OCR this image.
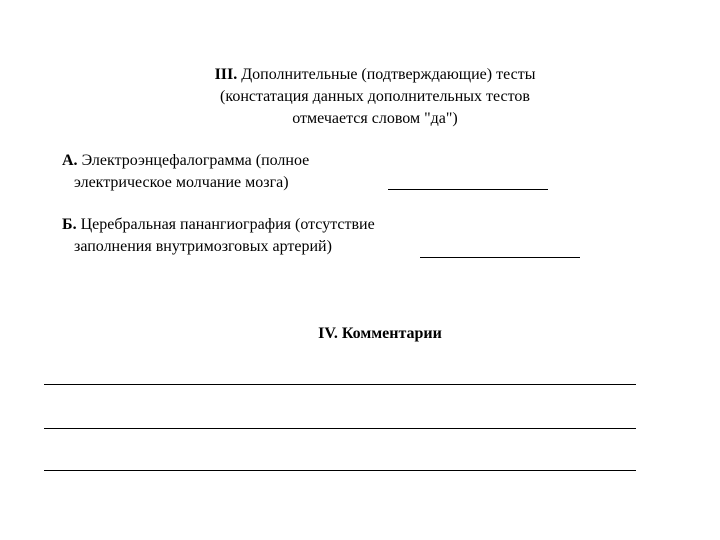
III. Дополнительные (подтверждающие) тесты
(констатация данных дополнительных тестов
отмечается словом "да")
А. Электроэнцефалограмма (полное
электрическое молчание мозга)
Б. Церебральная панангиография (отсутствие
заполнения внутримозговых артерий)
IV. Комментарии
